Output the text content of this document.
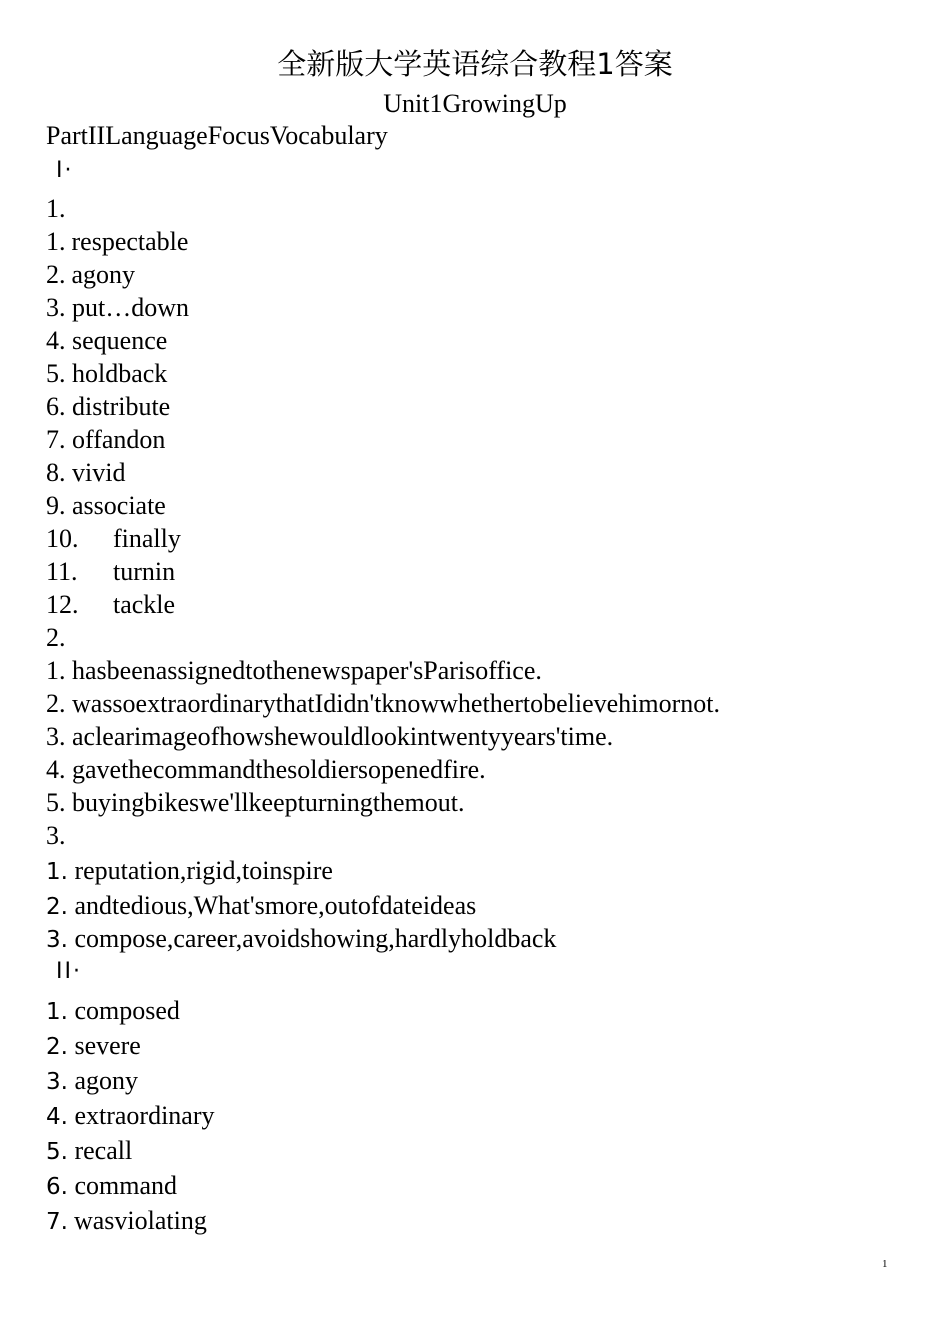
全新版大学英语综合教程1答案
Unit1GrowingUp
PartIILanguageFocusVocabulary
Ⅰ·
1.
1. respectable
2. agony
3. put…down
4. sequence
5. holdback
6. distribute
7. offandon
8. vivid
9. associate
10. finally
11. turnin
12. tackle
2.
1. hasbeenassignedtothenewspaper'sParisoffice.
2. wassoextraordinarythatIdidn'tknowwhethertobelievehimornot.
3. aclearimageofhowshewouldlookintwentyyears'time.
4. gavethecommandthesoldiersopenedfire.
5. buyingbikeswe'llkeepturningthemout.
3.
1. reputation,rigid,toinspire
2. andtedious,What'smore,outofdateideas
3. compose,career,avoidshowing,hardlyholdback
ⅠⅠ·
1. composed
2. severe
3. agony
4. extraordinary
5. recall
6. command
7. wasviolating
1
